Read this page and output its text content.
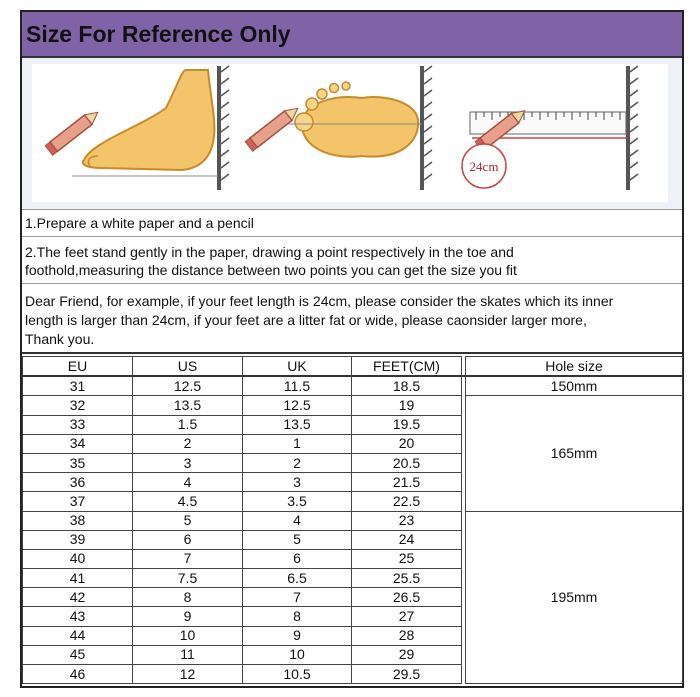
Size For Reference Only
24cm

1.Prepare a white paper and a pencil

2.The feet stand gently in the paper, drawing a point respectively in the toe and

foothold,measuring the distance between two points you can get the size you fit

Dear Friend, for example, if your feet length is 24cm, please consider the skates which its inner

length is larger than 24cm, if your feet are a litter fat or wide, please caonsider larger more,

Thank you.

EU	US	UK	FEET(CM)		Hole size
31	12.5	11.5	18.5		150mm
32	13.5	12.5	19		165mm
33	1.5	13.5	19.5		
34	2	1	20		
35	3	2	20.5		
36	4	3	21.5		
37	4.5	3.5	22.5		
38	5	4	23		195mm
39	6	5	24		
40	7	6	25		
41	7.5	6.5	25.5		
42	8	7	26.5		
43	9	8	27		
44	10	9	28		
45	11	10	29		
46	12	10.5	29.5		
